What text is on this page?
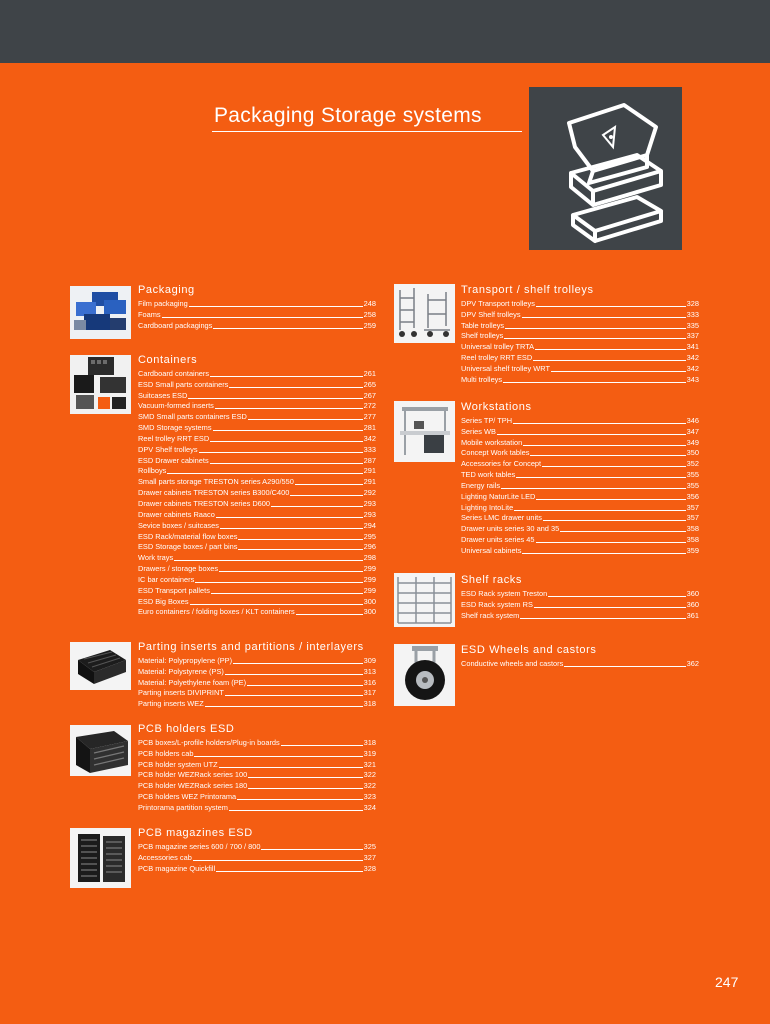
Packaging Storage systems
Packaging
Film packaging	248
Foams	258
Cardboard packagings	259
Containers
Cardboard containers	261
ESD Small parts containers	265
Suitcases ESD	267
Vacuum-formed inserts	272
SMD Small parts containers ESD	277
SMD Storage systems	281
Reel trolley RRT ESD	342
DPV Shelf trolleys	333
ESD Drawer cabinets	287
Rollboys	291
Small parts storage TRESTON series A290/550	291
Drawer cabinets TRESTON series B300/C400	292
Drawer cabinets TRESTON series D600	293
Drawer cabinets Raaco	293
Sevice boxes / suitcases	294
ESD Rack/material flow boxes	295
ESD Storage boxes / part bins	296
Work trays	298
Drawers / storage boxes	299
IC bar containers	299
ESD Transport pallets	299
ESD Big Boxes	300
Euro containers / folding boxes / KLT containers	300
Parting inserts and partitions / interlayers
Material: Polypropylene (PP)	309
Material: Polystyrene (PS)	313
Material: Polyethylene foam (PE)	316
Parting inserts DIVIPRINT	317
Parting inserts WEZ	318
PCB holders ESD
PCB boxes/L-profile holders/Plug-in boards	318
PCB holders cab	319
PCB holder system UTZ	321
PCB holder WEZRack series 100	322
PCB holder WEZRack series 180	322
PCB holders WEZ Printorama	323
Printorama partition system	324
PCB magazines ESD
PCB magazine series 600 / 700 / 800	325
Accessories cab	327
PCB magazine Quickfill	328
Transport / shelf trolleys
DPV Transport trolleys	328
DPV Shelf trolleys	333
Table trolleys	335
Shelf trolleys	337
Universal trolley TRTA	341
Reel trolley RRT ESD	342
Universal shelf trolley WRT	342
Multi trolleys	343
Workstations
Series TP/ TPH	346
Series WB	347
Mobile workstation	349
Concept Work tables	350
Accessories for Concept	352
TED work tables	355
Energy rails	355
Lighting NaturLite LED	356
Lighting IntoLite	357
Series LMC drawer units	357
Drawer units series 30 and 35	358
Drawer units series 45	358
Universal cabinets	359
Shelf racks
ESD Rack system Treston	360
ESD Rack system RS	360
Shelf rack system	361
ESD Wheels and castors
Conductive wheels and castors	362
247
